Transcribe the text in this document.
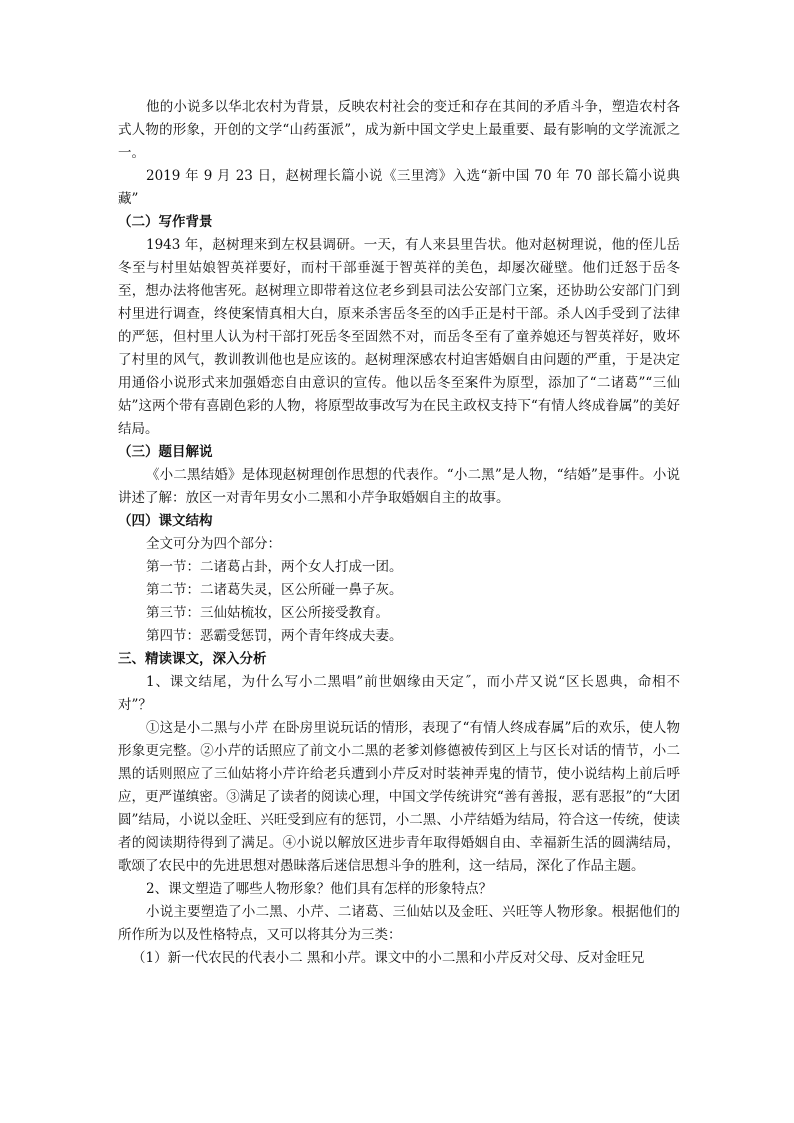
他的小说多以华北农村为背景，反映农村社会的变迁和存在其间的矛盾斗争，塑造农村各式人物的形象，开创的文学“山药蛋派”，成为新中国文学史上最重要、最有影响的文学流派之一。

2019 年 9 月 23 日，赵树理长篇小说《三里湾》入选“新中国 70 年 70 部长篇小说典藏”

（二）写作背景

1943 年，赵树理来到左权县调研。一天，有人来县里告状。他对赵树理说，他的侄儿岳冬至与村里姑娘智英祥要好，而村干部垂涎于智英祥的美色，却屡次碰壁。他们迁怒于岳冬至，想办法将他害死。赵树理立即带着这位老乡到县司法公安部门立案，还协助公安部门门到村里进行调查，终使案情真相大白，原来杀害岳冬至的凶手正是村干部。杀人凶手受到了法律的严惩，但村里人认为村干部打死岳冬至固然不对，而岳冬至有了童养媳还与智英祥好，败坏了村里的风气，教训教训他也是应该的。赵树理深感农村迫害婚姻自由问题的严重，于是决定用通俗小说形式来加强婚恋自由意识的宣传。他以岳冬至案件为原型，添加了“二诸葛”“三仙姑”这两个带有喜剧色彩的人物，将原型故事改写为在民主政权支持下“有情人终成眷属”的美好结局。

（三）题目解说

《小二黑结婚》是体现赵树理创作思想的代表作。“小二黑”是人物，“结婚”是事件。小说讲述了解：放区一对青年男女小二黑和小芹争取婚姻自主的故事。

（四）课文结构

全文可分为四个部分：

第一节：二诸葛占卦，两个女人打成一团。

第二节：二诸葛失灵，区公所碰一鼻子灰。

第三节：三仙姑梳妆，区公所接受教育。

第四节：恶霸受惩罚，两个青年终成夫妻。

三、精读课文，深入分析

1、课文结尾，为什么写小二黑唱”前世姻缘由天定˝，而小芹又说“区长恩典，命相不对”？

①这是小二黑与小芹 在卧房里说玩话的情形，表现了“有情人终成春属”后的欢乐，使人物形象更完整。②小芹的话照应了前文小二黑的老爹刘修德被传到区上与区长对话的情节，小二黑的话则照应了三仙姑将小芹许给老兵遭到小芹反对时装神弄鬼的情节，使小说结构上前后呼应，更严谨缜密。③满足了读者的阅读心理，中国文学传统讲究“善有善报，恶有恶报”的“大团圆”结局，小说以金旺、兴旺受到应有的惩罚，小二黑、小芹结婚为结局，符合这一传统，使读者的阅读期待得到了满足。④小说以解放区进步青年取得婚姻自由、幸福新生活的圆满结局，歌颂了农民中的先进思想对愚昧落后迷信思想斗争的胜利，这一结局，深化了作品主题。

2、课文塑造了哪些人物形象？他们具有怎样的形象特点？

小说主要塑造了小二黑、小芹、二诸葛、三仙姑以及金旺、兴旺等人物形象。根据他们的所作所为以及性格特点，又可以将其分为三类：

（1）新一代农民的代表小二 黑和小芹。课文中的小二黑和小芹反对父母、反对金旺兄
